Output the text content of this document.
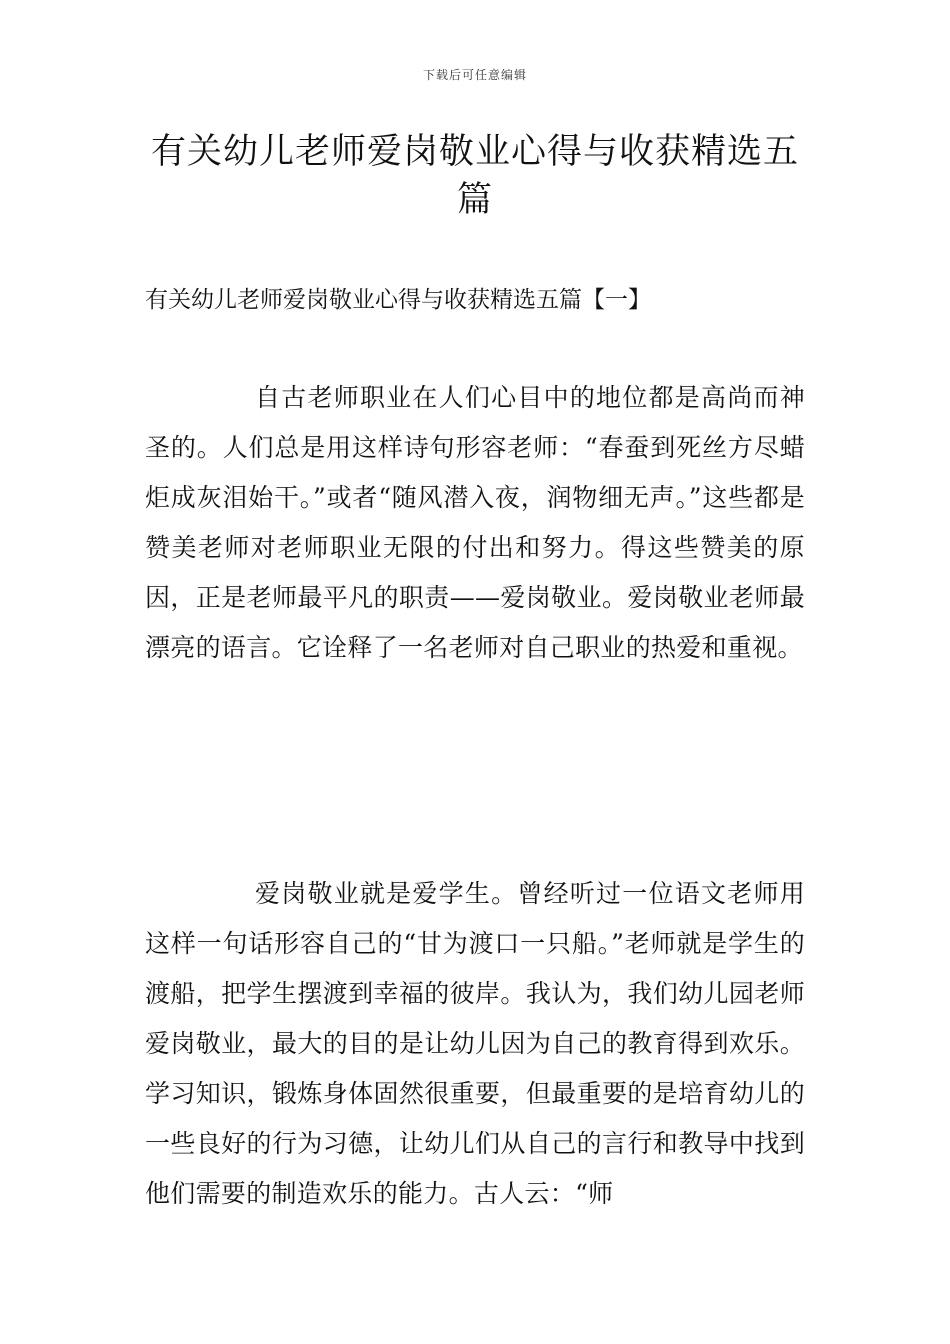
下载后可任意编辑
有关幼儿老师爱岗敬业心得与收获精选五篇
有关幼儿老师爱岗敬业心得与收获精选五篇【一】

自古老师职业在人们心目中的地位都是高尚而神圣的。人们总是用这样诗句形容老师：“春蚕到死丝方尽蜡炬成灰泪始干。”或者“随风潜入夜，润物细无声。”这些都是赞美老师对老师职业无限的付出和努力。得这些赞美的原因，正是老师最平凡的职责——爱岗敬业。爱岗敬业老师最漂亮的语言。它诠释了一名老师对自己职业的热爱和重视。

爱岗敬业就是爱学生。曾经听过一位语文老师用这样一句话形容自己的“甘为渡口一只船。”老师就是学生的渡船，把学生摆渡到幸福的彼岸。我认为，我们幼儿园老师爱岗敬业，最大的目的是让幼儿因为自己的教育得到欢乐。学习知识，锻炼身体固然很重要，但最重要的是培育幼儿的一些良好的行为习德，让幼儿们从自己的言行和教导中找到他们需要的制造欢乐的能力。古人云：“师
